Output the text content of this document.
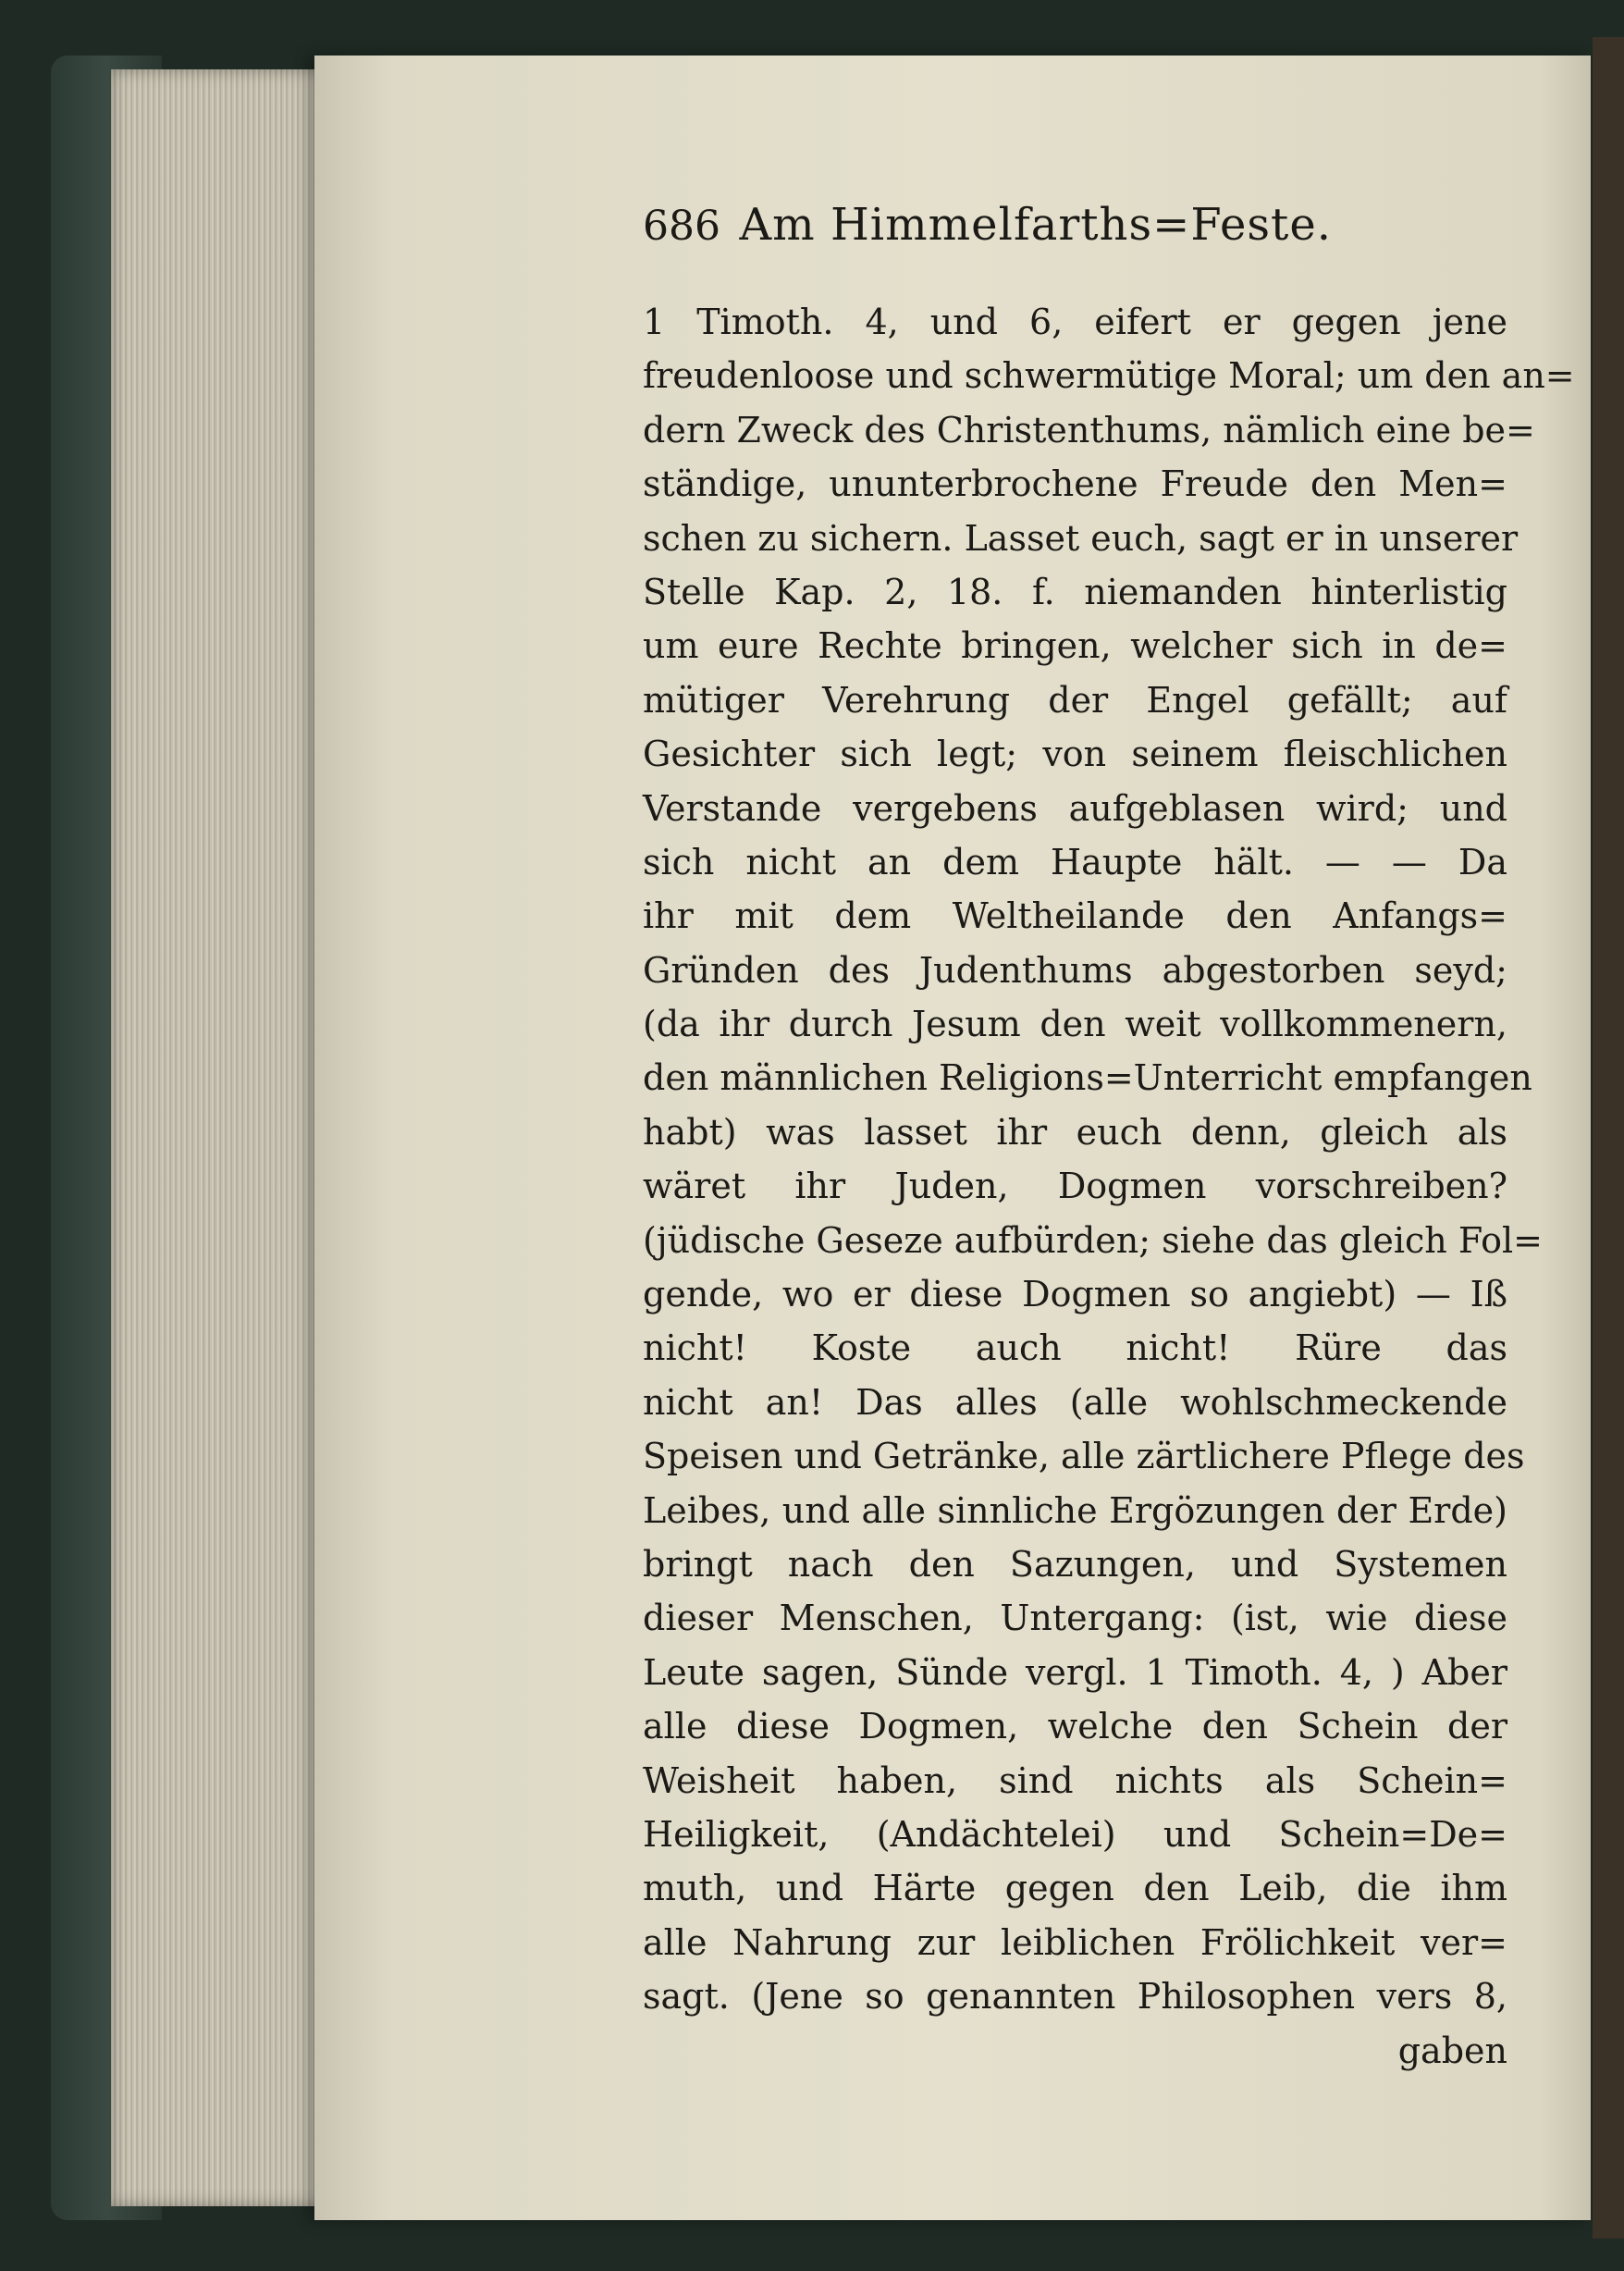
686 Am Himmelfarths=Feste.
1 Timoth. 4, und 6, eifert er gegen jene
freudenloose und schwermütige Moral; um den an=
dern Zweck des Christenthums, nämlich eine be=
ständige, ununterbrochene Freude den Men=
schen zu sichern. Lasset euch, sagt er in unserer
Stelle Kap. 2, 18. f. niemanden hinterlistig
um eure Rechte bringen, welcher sich in de=
mütiger Verehrung der Engel gefällt; auf
Gesichter sich legt; von seinem fleischlichen
Verstande vergebens aufgeblasen wird; und
sich nicht an dem Haupte hält. — — Da
ihr mit dem Weltheilande den Anfangs=
Gründen des Judenthums abgestorben seyd;
(da ihr durch Jesum den weit vollkommenern,
den männlichen Religions=Unterricht empfangen
habt) was lasset ihr euch denn, gleich als
wäret ihr Juden, Dogmen vorschreiben?
(jüdische Geseze aufbürden; siehe das gleich Fol=
gende, wo er diese Dogmen so angiebt) — Iß
nicht! Koste auch nicht! Rüre das
nicht an! Das alles (alle wohlschmeckende
Speisen und Getränke, alle zärtlichere Pflege des
Leibes, und alle sinnliche Ergözungen der Erde)
bringt nach den Sazungen, und Systemen
dieser Menschen, Untergang: (ist, wie diese
Leute sagen, Sünde vergl. 1 Timoth. 4, ) Aber
alle diese Dogmen, welche den Schein der
Weisheit haben, sind nichts als Schein=
Heiligkeit, (Andächtelei) und Schein=De=
muth, und Härte gegen den Leib, die ihm
alle Nahrung zur leiblichen Frölichkeit ver=
sagt. (Jene so genannten Philosophen vers 8,
gaben
